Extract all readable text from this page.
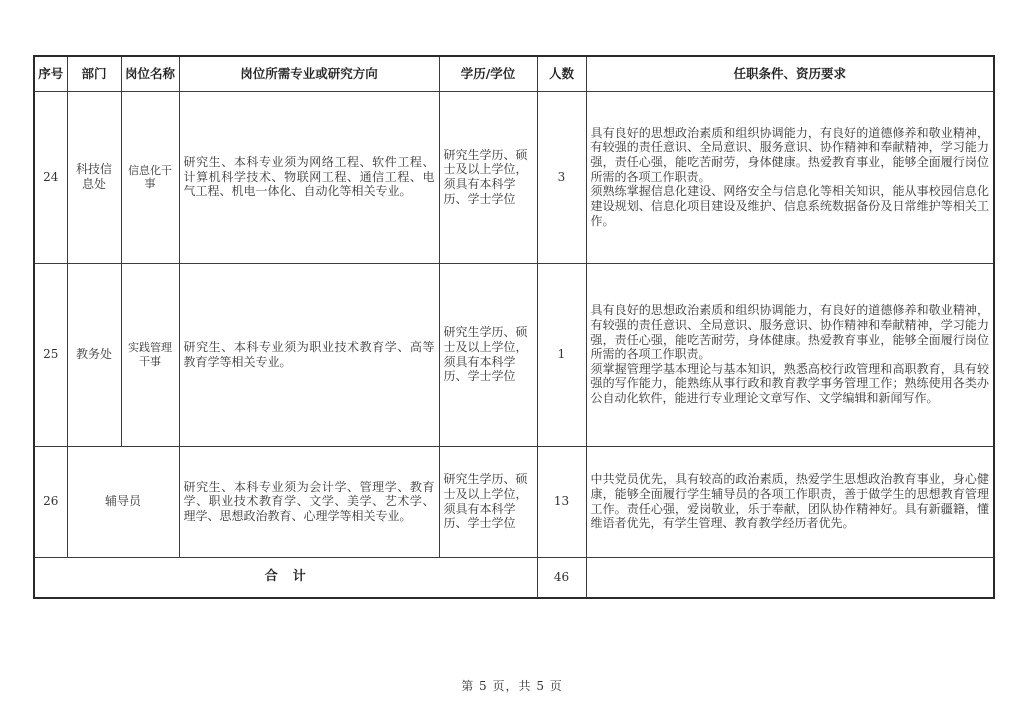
序号	部门	岗位名称	岗位所需专业或研究方向	学历/学位	人数	任职条件、资历要求
24	科技信息处	信息化干事	研究生、本科专业须为网络工程、软件工程、计算机科学技术、物联网工程、通信工程、电气工程、机电一体化、自动化等相关专业。	研究生学历、硕士及以上学位，须具有本科学历、学士学位	3	具有良好的思想政治素质和组织协调能力，有良好的道德修养和敬业精神，有较强的责任意识、全局意识、服务意识、协作精神和奉献精神，学习能力强，责任心强，能吃苦耐劳，身体健康。热爱教育事业，能够全面履行岗位所需的各项工作职责。
须熟练掌握信息化建设、网络安全与信息化等相关知识，能从事校园信息化建设规划、信息化项目建设及维护、信息系统数据备份及日常维护等相关工作。

25	教务处	实践管理干事	研究生、本科专业须为职业技术教育学、高等教育学等相关专业。	研究生学历、硕士及以上学位，须具有本科学历、学士学位	1	具有良好的思想政治素质和组织协调能力，有良好的道德修养和敬业精神，有较强的责任意识、全局意识、服务意识、协作精神和奉献精神，学习能力强，责任心强，能吃苦耐劳，身体健康。热爱教育事业，能够全面履行岗位所需的各项工作职责。
须掌握管理学基本理论与基本知识，熟悉高校行政管理和高职教育，具有较强的写作能力，能熟练从事行政和教育教学事务管理工作；熟练使用各类办公自动化软件，能进行专业理论文章写作、文学编辑和新闻写作。

26	辅导员		研究生、本科专业须为会计学、管理学、教育学、职业技术教育学、文学、美学、艺术学、理学、思想政治教育、心理学等相关专业。	研究生学历、硕士及以上学位，须具有本科学历、学士学位	13	中共党员优先，具有较高的政治素质，热爱学生思想政治教育事业，身心健康，能够全面履行学生辅导员的各项工作职责，善于做学生的思想教育管理工作。责任心强，爱岗敬业，乐于奉献，团队协作精神好。具有新疆籍，懂维语者优先，有学生管理、教育教学经历者优先。

合　计					46	
第 5 页，共 5 页
